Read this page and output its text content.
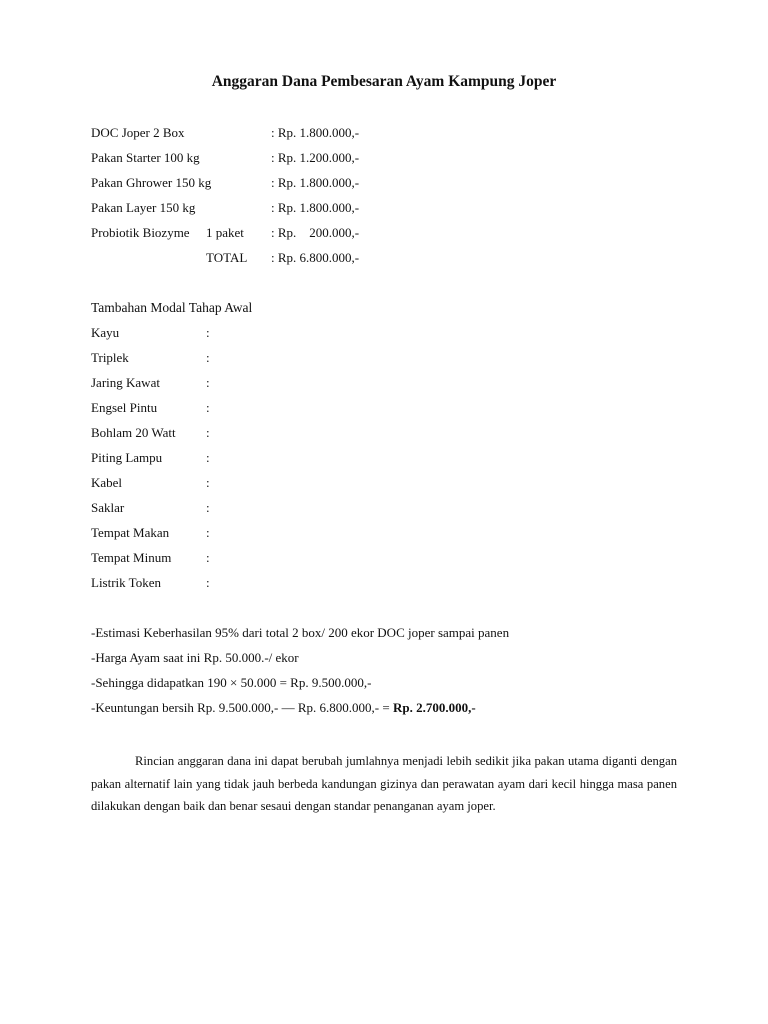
Anggaran Dana Pembesaran Ayam Kampung Joper
DOC Joper 2 Box	: Rp. 1.800.000,-
Pakan Starter 100 kg	: Rp. 1.200.000,-
Pakan Ghrower 150 kg	: Rp. 1.800.000,-
Pakan Layer 150 kg	: Rp. 1.800.000,-
Probiotik Biozyme 1 paket : Rp.    200.000,-
TOTAL : Rp. 6.800.000,-
Tambahan Modal Tahap Awal
Kayu	:
Triplek	:
Jaring Kawat	:
Engsel Pintu	:
Bohlam 20 Watt :
Piting Lampu	:
Kabel	:
Saklar	:
Tempat Makan	:
Tempat Minum	:
Listrik Token	:
-Estimasi Keberhasilan 95% dari total 2 box/ 200 ekor DOC joper sampai panen
-Harga Ayam saat ini Rp. 50.000.-/ ekor
-Sehingga didapatkan 190 × 50.000 = Rp. 9.500.000,-
-Keuntungan bersih Rp. 9.500.000,- — Rp. 6.800.000,- = Rp. 2.700.000,-
Rincian anggaran dana ini dapat berubah jumlahnya menjadi lebih sedikit jika pakan utama diganti dengan pakan alternatif lain yang tidak jauh berbeda kandungan gizinya dan perawatan ayam dari kecil hingga masa panen dilakukan dengan baik dan benar sesaui dengan standar penanganan ayam joper.
